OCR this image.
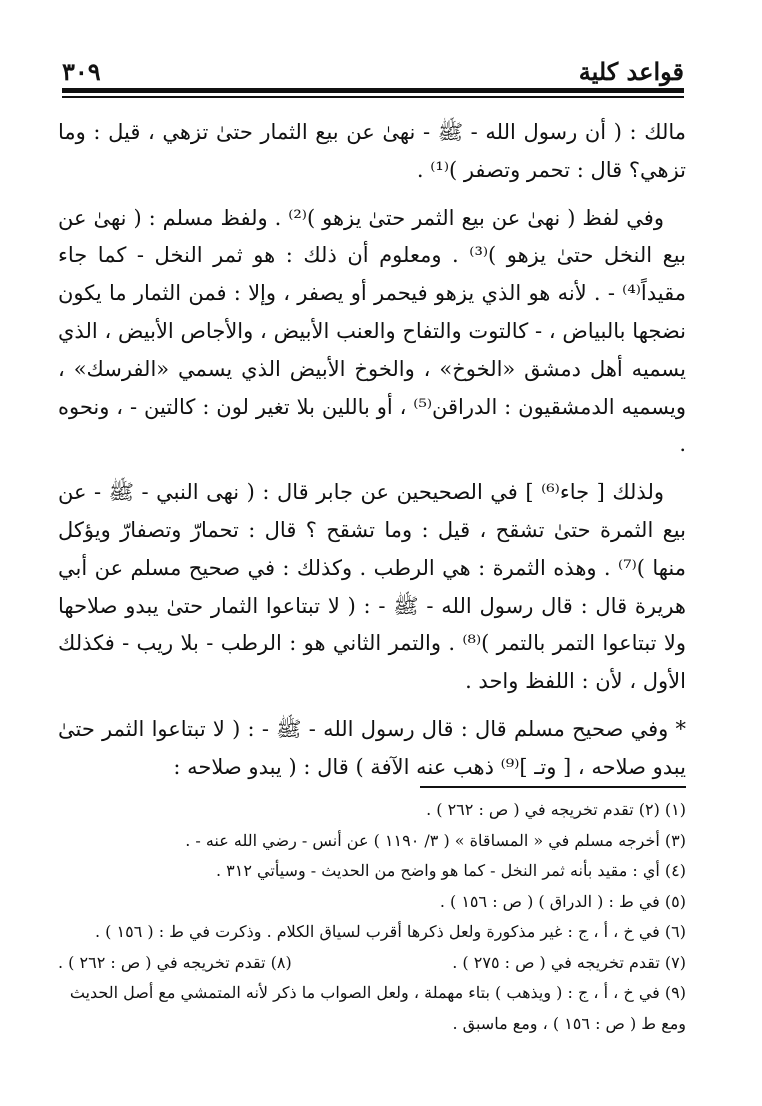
٣٠٩	قواعد كلية

مالك : ( أن رسول الله - ﷺ - نهىٰ عن بيع الثمار حتىٰ تزهي ، قيل : وما تزهي؟ قال : تحمر وتصفر )⁽¹⁾ .

وفي لفظ ( نهىٰ عن بيع الثمر حتىٰ يزهو )⁽²⁾ . ولفظ مسلم : ( نهىٰ عن بيع النخل حتىٰ يزهو )⁽³⁾ . ومعلوم أن ذلك : هو ثمر النخل - كما جاء مقيداً⁽⁴⁾ - . لأنه هو الذي يزهو فيحمر أو يصفر ، وإلا : فمن الثمار ما يكون نضجها بالبياض ، - كالتوت والتفاح والعنب الأبيض ، والأجاص الأبيض ، الذي يسميه أهل دمشق «الخوخ» ، والخوخ الأبيض الذي يسمي «الفرسك» ، ويسميه الدمشقيون : الدراقن⁽⁵⁾ ، أو باللين بلا تغير لون : كالتين - ، ونحوه .

ولذلك [ جاء⁽⁶⁾ ] في الصحيحين عن جابر قال : ( نهى النبي - ﷺ - عن بيع الثمرة حتىٰ تشقح ، قيل : وما تشقح ؟ قال : تحمارّ وتصفارّ ويؤكل منها )⁽⁷⁾ . وهذه الثمرة : هي الرطب . وكذلك : في صحيح مسلم عن أبي هريرة قال : قال رسول الله - ﷺ - : ( لا تبتاعوا الثمار حتىٰ يبدو صلاحها ولا تبتاعوا التمر بالتمر )⁽⁸⁾ . والتمر الثاني هو : الرطب - بلا ريب - فكذلك الأول ، لأن : اللفظ واحد .

* وفي صحيح مسلم قال : قال رسول الله - ﷺ - : ( لا تبتاعوا الثمر حتىٰ يبدو صلاحه ، [ وتـ ]⁽⁹⁾ ذهب عنه الآفة ) قال : ( يبدو صلاحه :

(١) (٢) تقدم تخريجه في ( ص : ٢٦٢ ) .

(٣) أخرجه مسلم في « المساقاة » ( ٣/ ١١٩٠ ) عن أنس - رضي الله عنه - .

(٤) أي : مقيد بأنه ثمر النخل - كما هو واضح من الحديث - وسيأتي ٣١٢ .

(٥) في ط : ( الدراق ) ( ص : ١٥٦ ) .

(٦) في خ ، أ ، ج : غير مذكورة ولعل ذكرها أقرب لسياق الكلام . وذكرت في ط : ( ١٥٦ ) .

(٧) تقدم تخريجه في ( ص : ٢٧٥ ) .
(٨) تقدم تخريجه في ( ص : ٢٦٢ ) .

(٩) في خ ، أ ، ج : ( ويذهب ) بتاء مهملة ، ولعل الصواب ما ذكر لأنه المتمشي مع أصل الحديث ومع ط ( ص : ١٥٦ ) ، ومع ماسبق .
